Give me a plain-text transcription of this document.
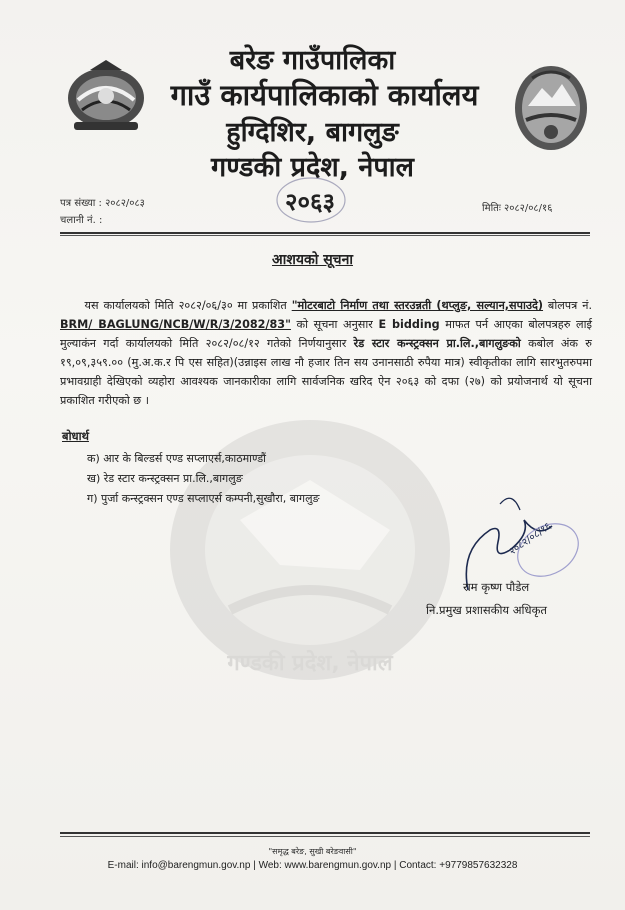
बरेङ गाउँपालिका
गाउँ कार्यपालिकाको कार्यालय
हुग्दिशिर, बागलुङ
गण्डकी प्रदेश, नेपाल
पत्र संख्या : २०८२/०८३
चलानी नं. :
मितिः २०८२/०८/१६
२०६३
आशयको सूचना
गण्डकी प्रदेश, नेपाल
यस कार्यालयको मिति २०८२/०६/३० मा प्रकाशित "मोटरबाटो निर्माण तथा स्तरउन्नती (थप्लुङ, सल्यान,सपाउदे) बोलपत्र नं. BRM/ BAGLUNG/NCB/W/R/3/2082/83" को सूचना अनुसार E bidding माफत पर्न आएका बोलपत्रहरु लाई मुल्याकंन गर्दा कार्यालयको मिति २०८२/०८/१२ गतेको निर्णयानुसार रेड स्टार कन्स्ट्रक्सन प्रा.लि.,बागलुङको कबोल अंक रु १९,०९,३५९.०० (मु.अ.क.र पि एस सहित)(उन्नाइस लाख नौ हजार तिन सय उनानसाठी रुपैया मात्र) स्वीकृतीका लागि सारभुतरुपमा प्रभावग्राही देखिएको व्यहोरा आवश्यक जानकारीका लागि सार्वजनिक खरिद ऐन २०६३ को दफा (२७) को प्रयोजनार्थ यो सूचना प्रकाशित गरीएको छ ।
बोधार्थ
क) आर के बिल्डर्स एण्ड सप्लाएर्स,काठमाण्डौं
ख) रेड स्टार कन्स्ट्रक्सन प्रा.लि.,बागलुङ
ग) पुर्जा कन्स्ट्रक्सन एण्ड सप्लाएर्स कम्पनी,सुखौरा, बागलुङ
२०८२/०८/१६
राम कृष्ण पौडेल
नि.प्रमुख प्रशासकीय अधिकृत
"समृद्ध बरेङ, सुखी बरेङवासी"
E-mail: info@barengmun.gov.np | Web: www.barengmun.gov.np | Contact: +9779857632328
